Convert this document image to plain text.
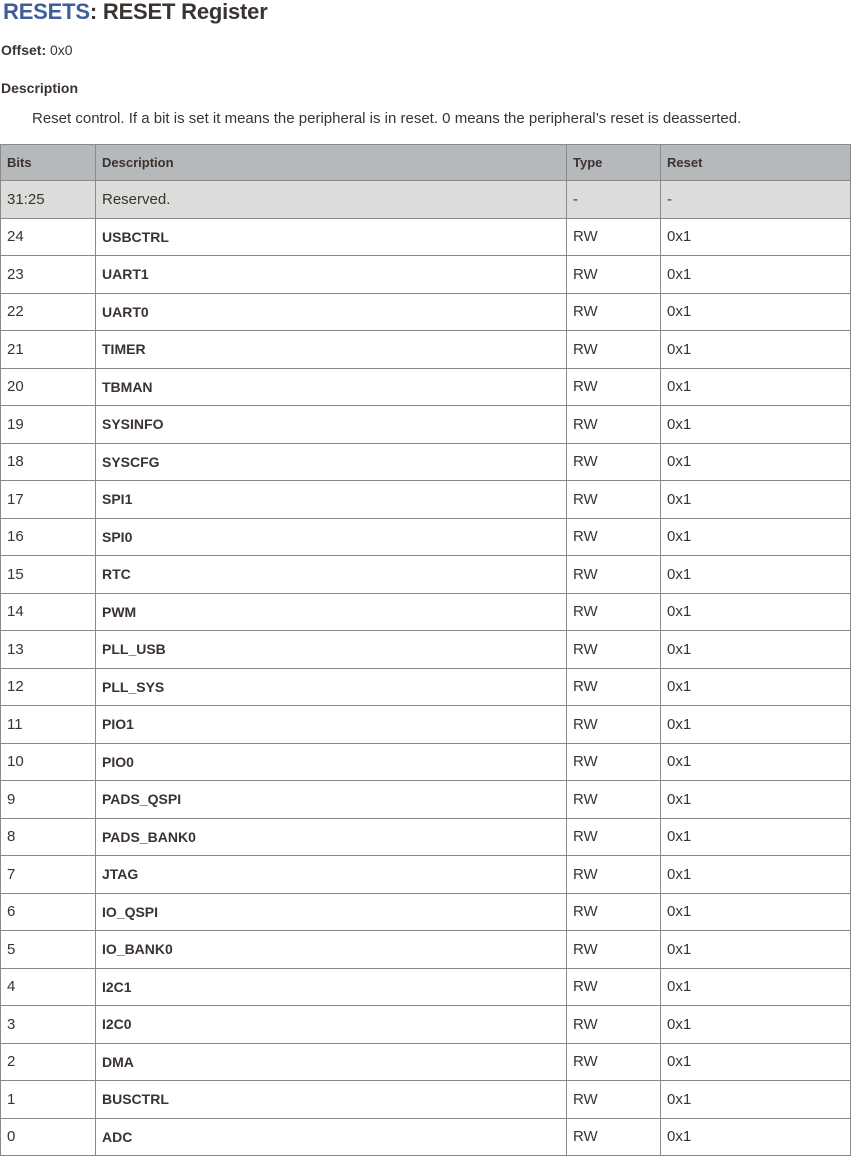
RESETS: RESET Register
Offset: 0x0
Description
Reset control. If a bit is set it means the peripheral is in reset. 0 means the peripheral’s reset is deasserted.
Bits	Description	Type	Reset
31:25	Reserved.	-	-
24	USBCTRL	RW	0x1
23	UART1	RW	0x1
22	UART0	RW	0x1
21	TIMER	RW	0x1
20	TBMAN	RW	0x1
19	SYSINFO	RW	0x1
18	SYSCFG	RW	0x1
17	SPI1	RW	0x1
16	SPI0	RW	0x1
15	RTC	RW	0x1
14	PWM	RW	0x1
13	PLL_USB	RW	0x1
12	PLL_SYS	RW	0x1
11	PIO1	RW	0x1
10	PIO0	RW	0x1
9	PADS_QSPI	RW	0x1
8	PADS_BANK0	RW	0x1
7	JTAG	RW	0x1
6	IO_QSPI	RW	0x1
5	IO_BANK0	RW	0x1
4	I2C1	RW	0x1
3	I2C0	RW	0x1
2	DMA	RW	0x1
1	BUSCTRL	RW	0x1
0	ADC	RW	0x1
